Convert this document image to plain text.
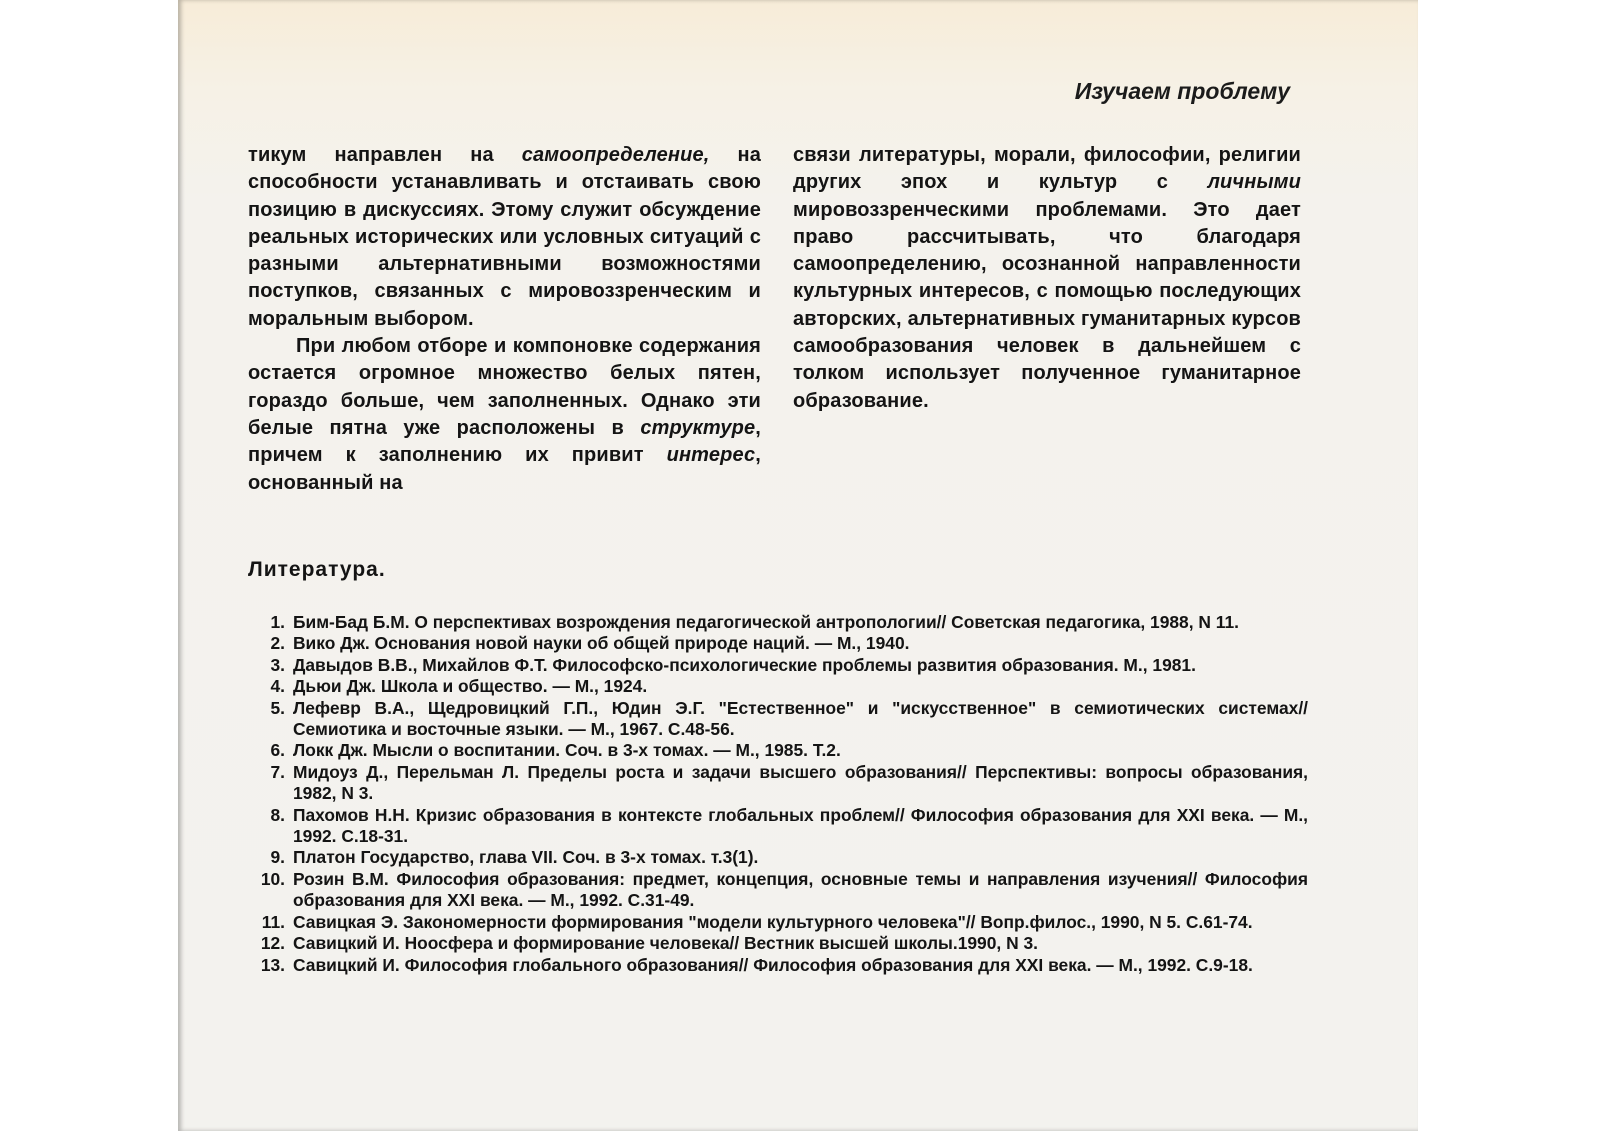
Изучаем проблему

тикум направлен на самоопределение, на способности устанавливать и отстаивать свою позицию в дискуссиях. Этому служит обсуждение реальных исторических или условных ситуаций с разными альтернативными возможностями поступков, связанных с мировоззренческим и моральным выбором.

При любом отборе и компоновке содержания остается огромное множество белых пятен, гораздо больше, чем заполненных. Однако эти белые пятна уже расположены в структуре, причем к заполнению их привит интерес, основанный на

связи литературы, морали, философии, религии других эпох и культур с личными мировоззренческими проблемами. Это дает право рассчитывать, что благодаря самоопределению, осознанной направленности культурных интересов, с помощью последующих авторских, альтернативных гуманитарных курсов самообразования человек в дальнейшем с толком использует полученное гуманитарное образование.

Литература.
1. Бим-Бад Б.М. О перспективах возрождения педагогической антропологии// Советская педагогика, 1988, N 11.
2. Вико Дж. Основания новой науки об общей природе наций. — М., 1940.
3. Давыдов В.В., Михайлов Ф.Т. Философско-психологические проблемы развития образования. М., 1981.
4. Дьюи Дж. Школа и общество. — М., 1924.
5. Лефевр В.А., Щедровицкий Г.П., Юдин Э.Г. "Естественное" и "искусственное" в семиотических системах// Семиотика и восточные языки. — М., 1967. С.48-56.
6. Локк Дж. Мысли о воспитании. Соч. в 3-х томах. — М., 1985. Т.2.
7. Мидоуз Д., Перельман Л. Пределы роста и задачи высшего образования// Перспективы: вопросы образования, 1982, N 3.
8. Пахомов Н.Н. Кризис образования в контексте глобальных проблем// Философия образования для XXI века. — М., 1992. С.18-31.
9. Платон Государство, глава VII. Соч. в 3-х томах. т.3(1).
10. Розин В.М. Философия образования: предмет, концепция, основные темы и направления изучения// Философия образования для XXI века. — М., 1992. С.31-49.
11. Савицкая Э. Закономерности формирования "модели культурного человека"// Вопр.филос., 1990, N 5. С.61-74.
12. Савицкий И. Ноосфера и формирование человека// Вестник высшей школы.1990, N 3.
13. Савицкий И. Философия глобального образования// Философия образования для XXI века. — М., 1992. С.9-18.
